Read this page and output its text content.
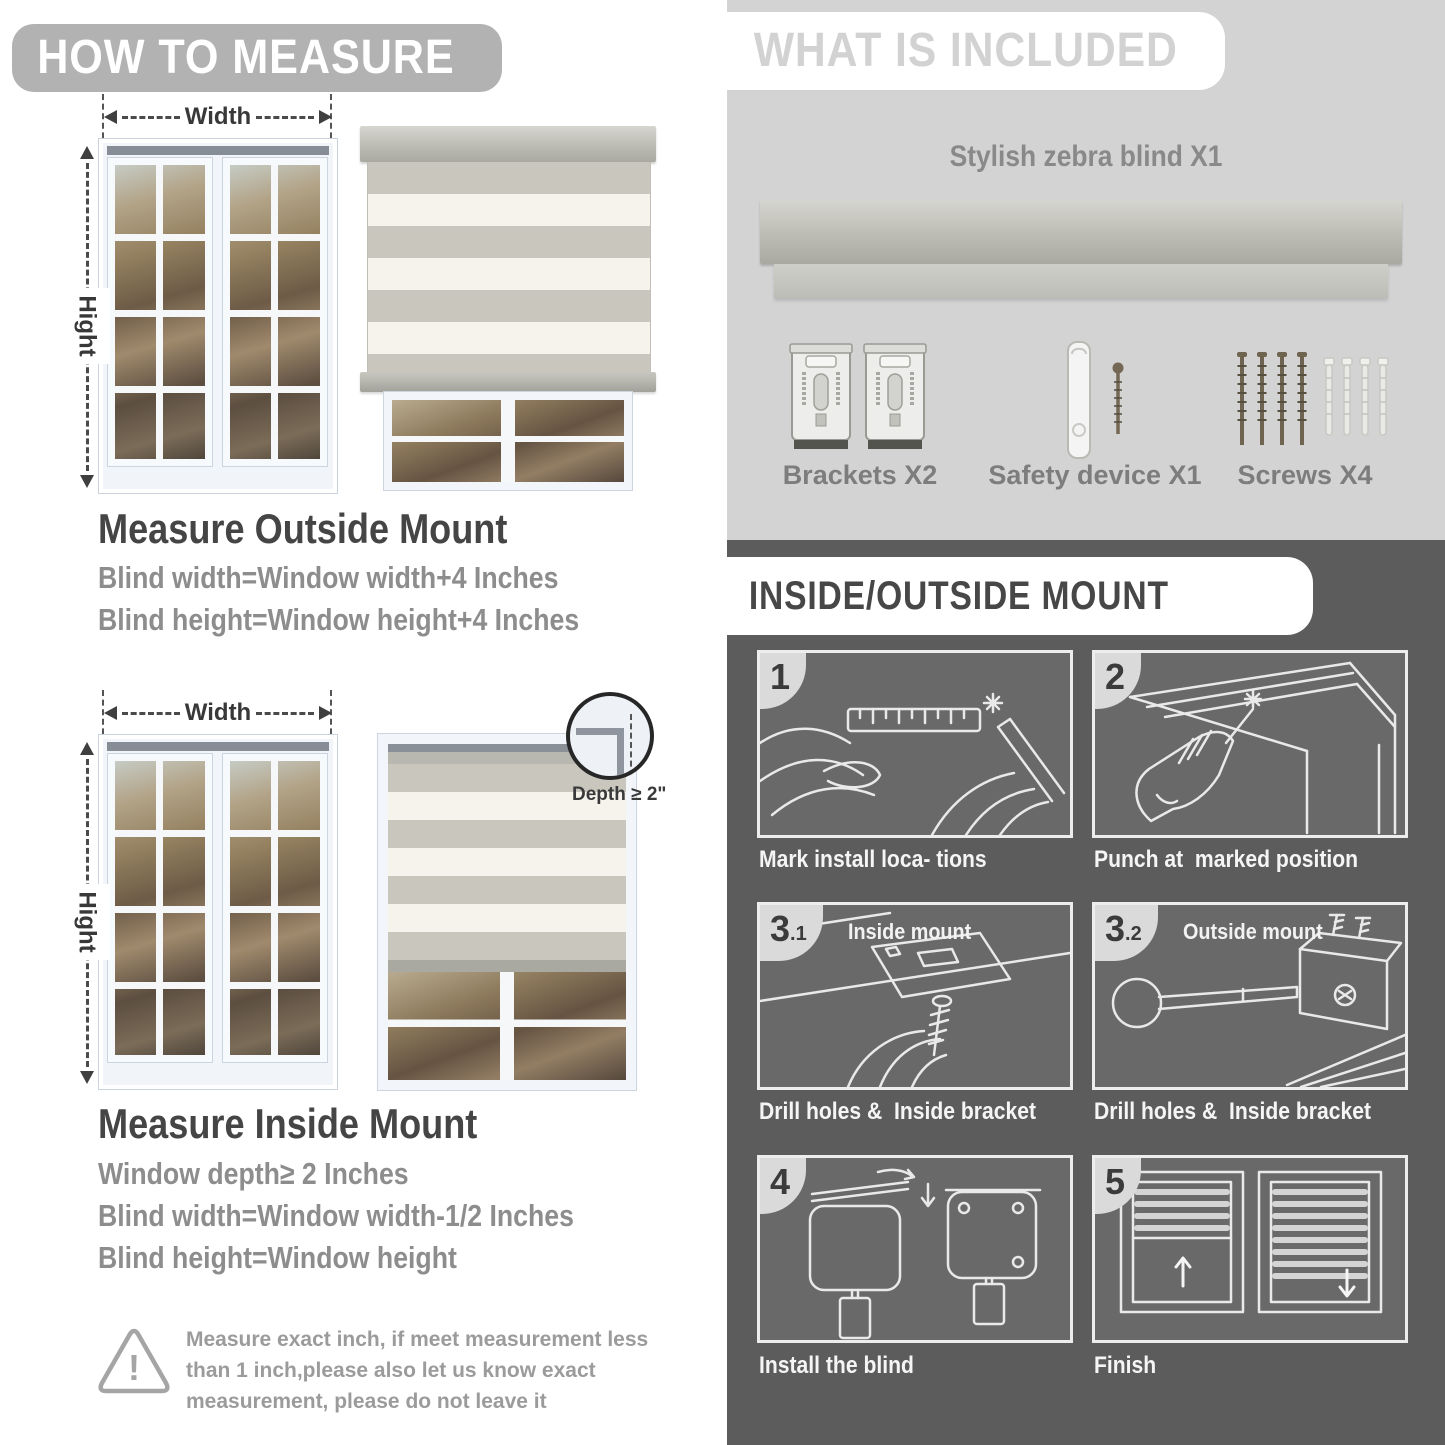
HOW TO MEASURE
Width
Hight
Measure Outside Mount
Blind width=Window width+4 Inches
Blind height=Window height+4 Inches
Width
Hight
Depth ≥ 2"
Measure Inside Mount
Window depth≥ 2 Inches
Blind width=Window width-1/2 Inches
Blind height=Window height
!
Measure exact inch, if meet measurement less
than 1 inch,please also let us know exact
measurement, please do not leave it
WHAT IS INCLUDED
Stylish zebra blind X1
Brackets X2	Safety device X1	Screws X4
INSIDE/OUTSIDE MOUNT
1
Mark install loca- tions
2
Punch at  marked position
3 .1 Inside mount
Drill holes &  Inside bracket
3 .2 Outside mount
Drill holes &  Inside bracket
4
Install the blind
5
Finish
